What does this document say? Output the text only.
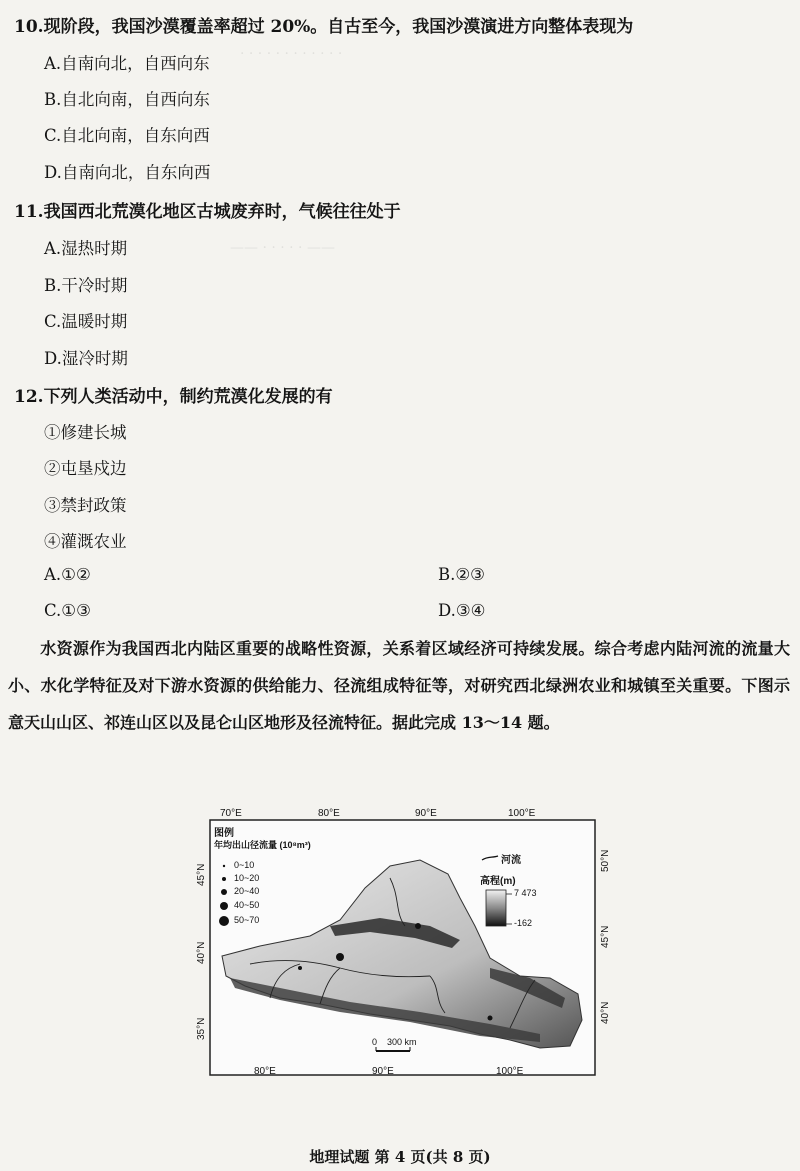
· · · · · · · · · · · ·
—— · · · · · ——
10.现阶段，我国沙漠覆盖率超过 20%。自古至今，我国沙漠演进方向整体表现为
A.自南向北，自西向东
B.自北向南，自西向东
C.自北向南，自东向西
D.自南向北，自东向西
11.我国西北荒漠化地区古城废弃时，气候往往处于
A.湿热时期
B.干冷时期
C.温暖时期
D.湿冷时期
12.下列人类活动中，制约荒漠化发展的有
①修建长城
②屯垦戍边
③禁封政策
④灌溉农业
A.①②	B.②③
C.①③	D.③④
水资源作为我国西北内陆区重要的战略性资源，关系着区域经济可持续发展。综合考虑内陆河流的流量大小、水化学特征及对下游水资源的供给能力、径流组成特征等，对研究西北绿洲农业和城镇至关重要。下图示意天山山区、祁连山区以及昆仑山区地形及径流特征。据此完成 13～14 题。
图例
年均出山径流量 (10⁸m³)
0~10
10~20
20~40
40~50
50~70
河流
高程(m)
7 473
-162
0    300 km
70°E	80°E	90°E	100°E
80°E	90°E	100°E
45°N
40°N
35°N
50°N
45°N
40°N
地理试题 第 4 页(共 8 页)
